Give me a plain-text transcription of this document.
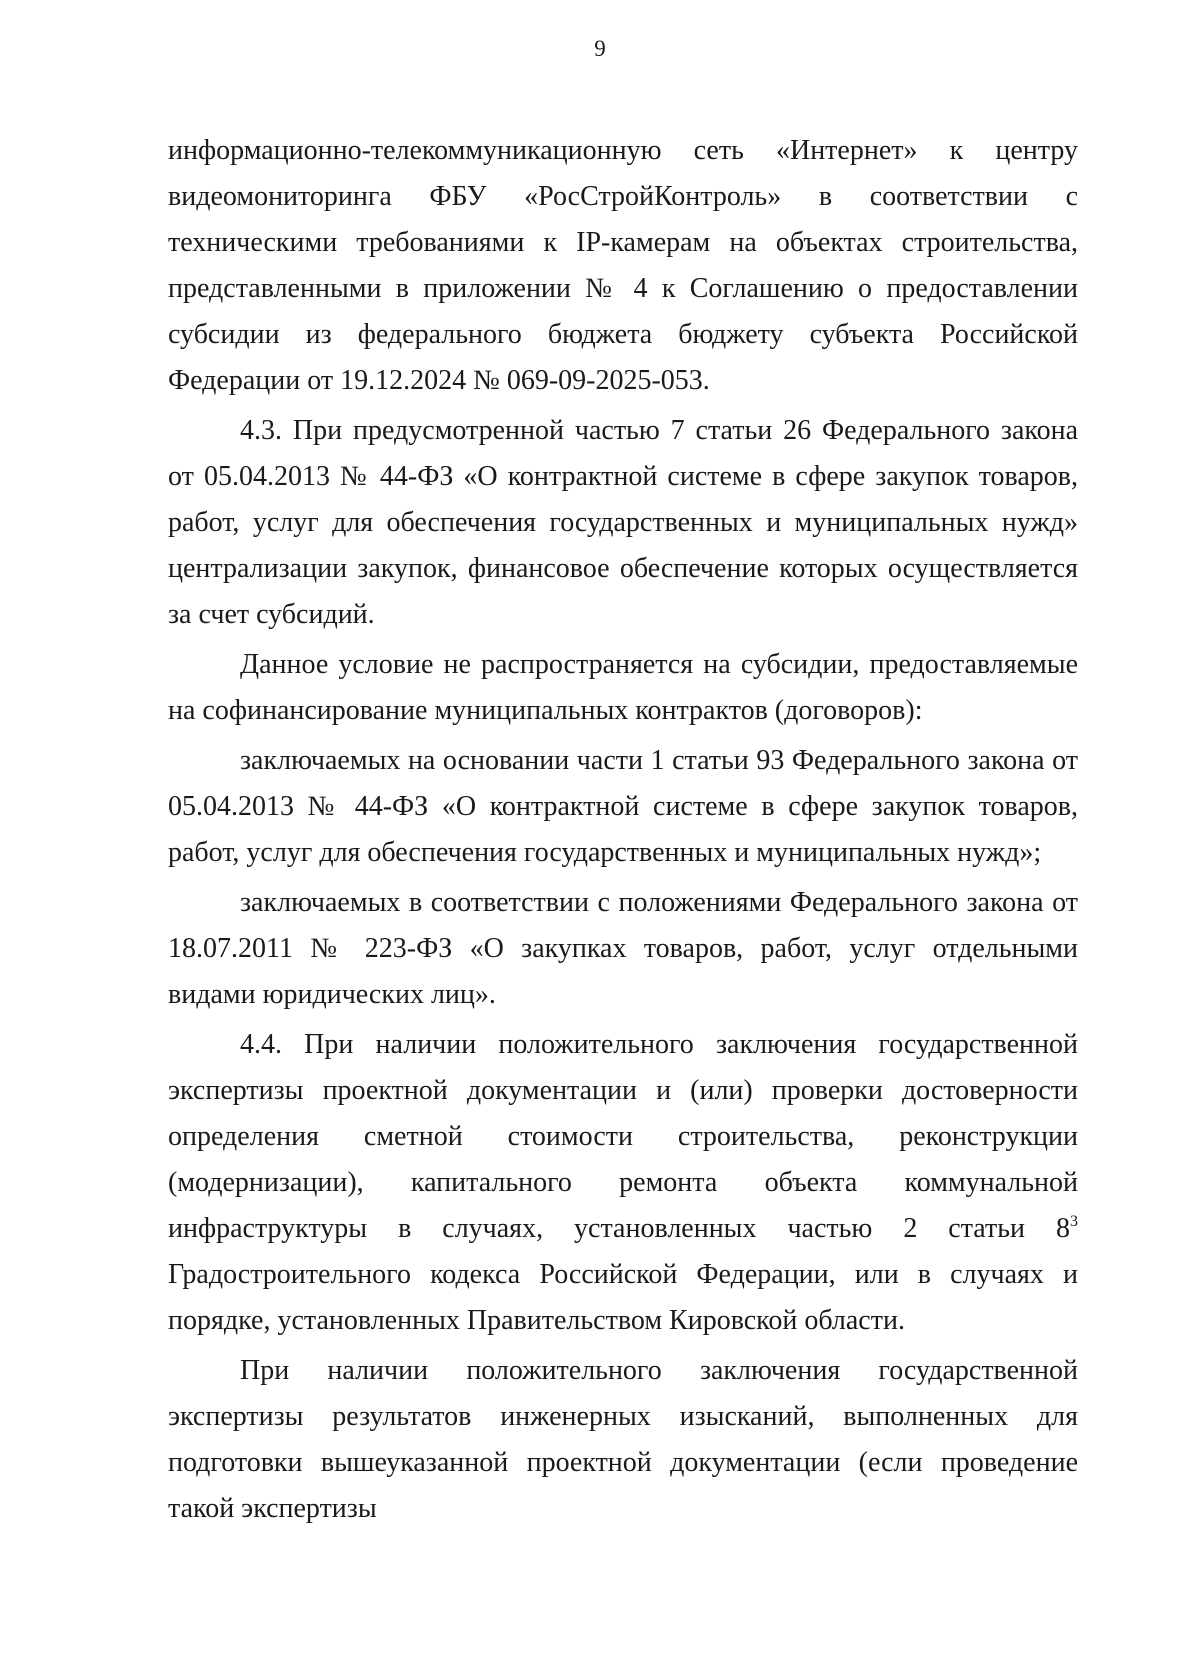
9

информационно-телекоммуникационную сеть «Интернет» к центру видеомониторинга ФБУ «РосСтройКонтроль» в соответствии с техническими требованиями к IP-камерам на объектах строительства, представленными в приложении № 4 к Соглашению о предоставлении субсидии из федерального бюджета бюджету субъекта Российской Федерации от 19.12.2024 № 069-09-2025-053.

4.3. При предусмотренной частью 7 статьи 26 Федерального закона от 05.04.2013 № 44-ФЗ «О контрактной системе в сфере закупок товаров, работ, услуг для обеспечения государственных и муниципальных нужд» централизации закупок, финансовое обеспечение которых осуществляется за счет субсидий.

Данное условие не распространяется на субсидии, предоставляемые на софинансирование муниципальных контрактов (договоров):

заключаемых на основании части 1 статьи 93 Федерального закона от 05.04.2013 № 44-ФЗ «О контрактной системе в сфере закупок товаров, работ, услуг для обеспечения государственных и муниципальных нужд»;

заключаемых в соответствии с положениями Федерального закона от 18.07.2011 № 223-ФЗ «О закупках товаров, работ, услуг отдельными видами юридических лиц».

4.4. При наличии положительного заключения государственной экспертизы проектной документации и (или) проверки достоверности определения сметной стоимости строительства, реконструкции (модернизации), капитального ремонта объекта коммунальной инфраструктуры в случаях, установленных частью 2 статьи $8^3$ Градостроительного кодекса Российской Федерации, или в случаях и порядке, установленных Правительством Кировской области.

При наличии положительного заключения государственной экспертизы результатов инженерных изысканий, выполненных для подготовки вышеуказанной проектной документации (если проведение такой экспертизы
